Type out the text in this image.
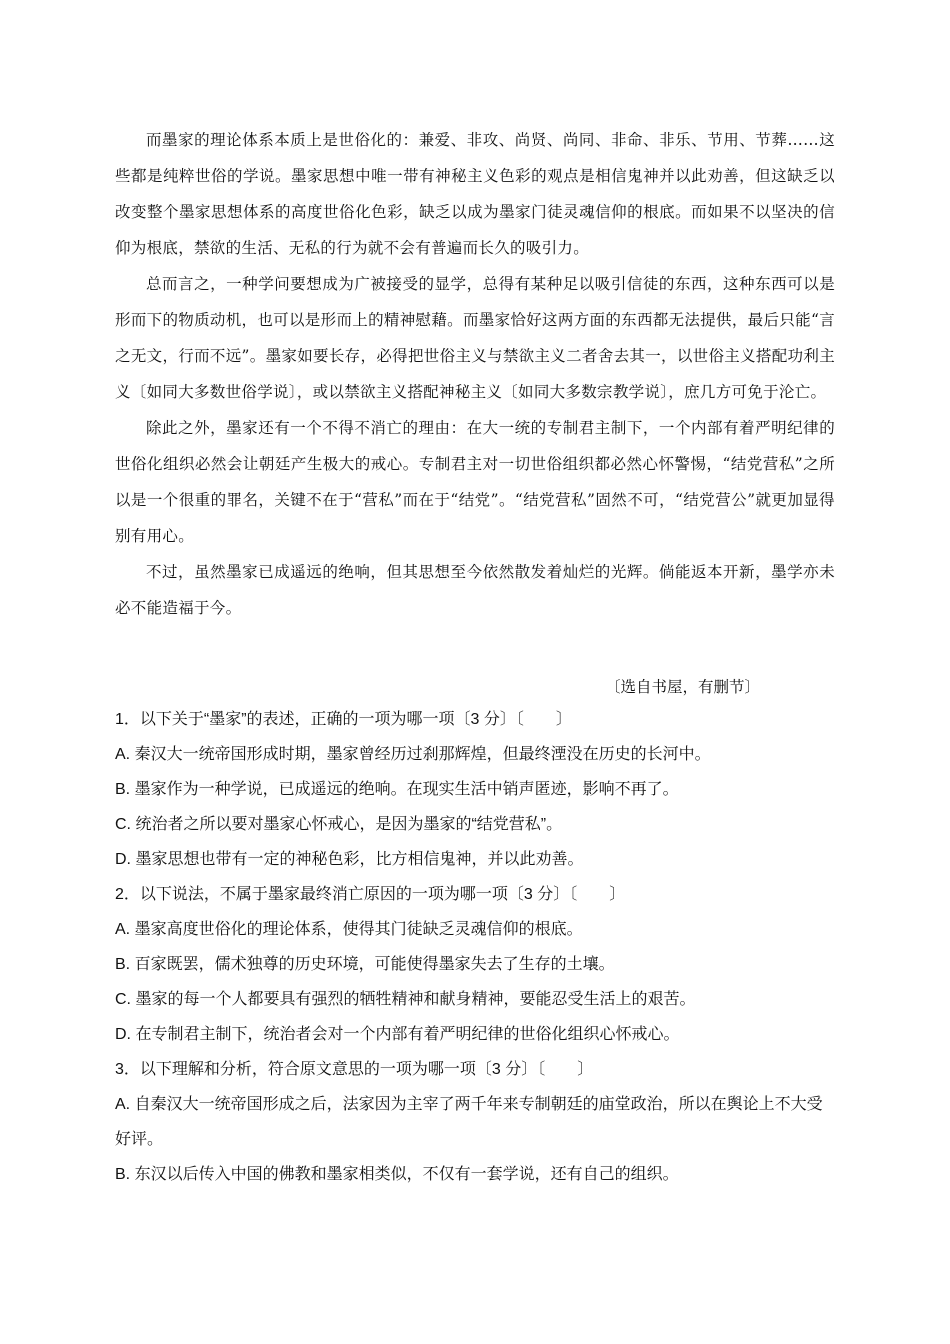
而墨家的理论体系本质上是世俗化的：兼爱、非攻、尚贤、尚同、非命、非乐、节用、节葬……这些都是纯粹世俗的学说。墨家思想中唯一带有神秘主义色彩的观点是相信鬼神并以此劝善，但这缺乏以改变整个墨家思想体系的高度世俗化色彩，缺乏以成为墨家门徒灵魂信仰的根底。而如果不以坚决的信仰为根底，禁欲的生活、无私的行为就不会有普遍而长久的吸引力。

总而言之，一种学问要想成为广被接受的显学，总得有某种足以吸引信徒的东西，这种东西可以是形而下的物质动机，也可以是形而上的精神慰藉。而墨家恰好这两方面的东西都无法提供，最后只能“言之无文，行而不远”。墨家如要长存，必得把世俗主义与禁欲主义二者舍去其一，以世俗主义搭配功利主义〔如同大多数世俗学说〕，或以禁欲主义搭配神秘主义〔如同大多数宗教学说〕，庶几方可免于沦亡。

除此之外，墨家还有一个不得不消亡的理由：在大一统的专制君主制下，一个内部有着严明纪律的世俗化组织必然会让朝廷产生极大的戒心。专制君主对一切世俗组织都必然心怀警惕，“结党营私”之所以是一个很重的罪名，关键不在于“营私”而在于“结党”。“结党营私”固然不可，“结党营公”就更加显得别有用心。

不过，虽然墨家已成遥远的绝响，但其思想至今依然散发着灿烂的光辉。倘能返本开新，墨学亦未必不能造福于今。

〔选自书屋，有删节〕

1．以下关于“墨家”的表述，正确的一项为哪一项〔3 分〕〔　　〕

A. 秦汉大一统帝国形成时期，墨家曾经历过刹那辉煌，但最终湮没在历史的长河中。

B. 墨家作为一种学说，已成遥远的绝响。在现实生活中销声匿迹，影响不再了。

C. 统治者之所以要对墨家心怀戒心，是因为墨家的“结党营私”。

D. 墨家思想也带有一定的神秘色彩，比方相信鬼神，并以此劝善。

2．以下说法，不属于墨家最终消亡原因的一项为哪一项〔3 分〕〔　　〕

A. 墨家高度世俗化的理论体系，使得其门徒缺乏灵魂信仰的根底。

B. 百家既罢，儒术独尊的历史环境，可能使得墨家失去了生存的土壤。

C. 墨家的每一个人都要具有强烈的牺牲精神和献身精神，要能忍受生活上的艰苦。

D. 在专制君主制下，统治者会对一个内部有着严明纪律的世俗化组织心怀戒心。

3．以下理解和分析，符合原文意思的一项为哪一项〔3 分〕〔　　〕

A. 自秦汉大一统帝国形成之后，法家因为主宰了两千年来专制朝廷的庙堂政治，所以在舆论上不大受好评。

B. 东汉以后传入中国的佛教和墨家相类似，不仅有一套学说，还有自己的组织。
